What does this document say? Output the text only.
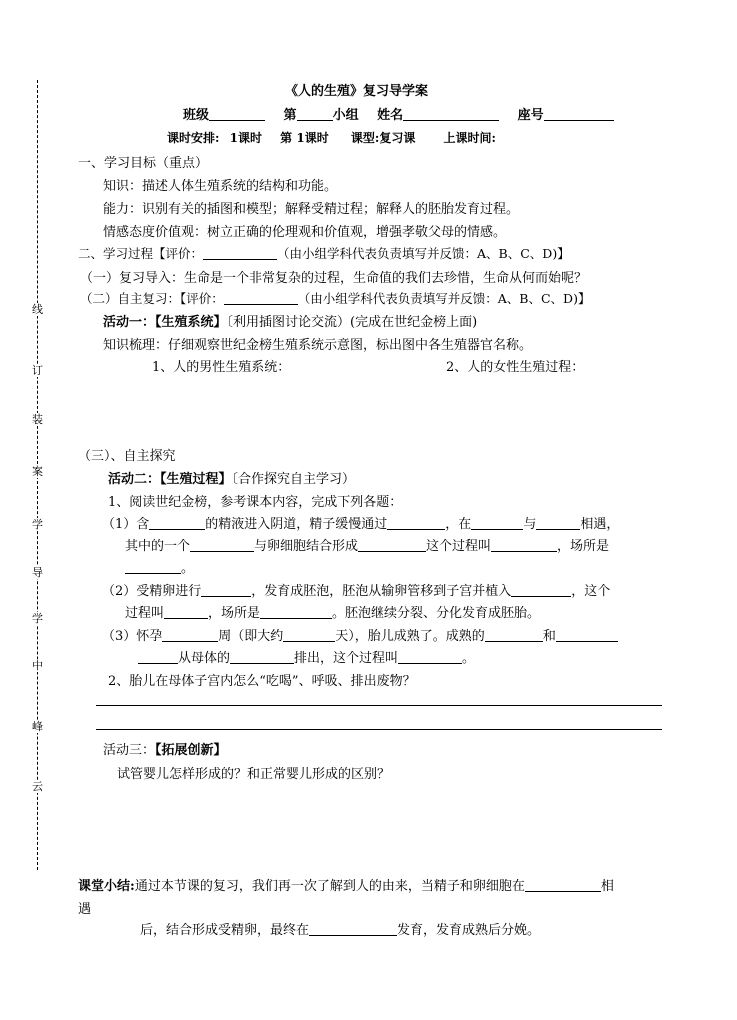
线
订
装
案
学
导
学
中
峰
云
《人的生殖》复习导学案
班级	第	小组 姓名	座号
课时安排: 1课时 第 1课时 课型:复习课 上课时间:
一、学习目标（重点）
知识：描述人体生殖系统的结构和功能。
能力：识别有关的插图和模型；解释受精过程；解释人的胚胎发育过程。
情感态度价值观：树立正确的伦理观和价值观，增强孝敬父母的情感。
二、学习过程【评价：	（由小组学科代表负责填写并反馈：A、B、C、D)】
（一）复习导入：生命是一个非常复杂的过程，生命值的我们去珍惜，生命从何而始呢？
（二）自主复习：【评价：	（由小组学科代表负责填写并反馈：A、B、C、D)】
活动一：【生殖系统】〔利用插图讨论交流）(完成在世纪金榜上面)
知识梳理：仔细观察世纪金榜生殖系统示意图，标出图中各生殖器官名称。
1、人的男性生殖系统：	2、人的女性生殖过程：
（三）、自主探究
活动二：【生殖过程】〔合作探究自主学习）
1、阅读世纪金榜，参考课本内容，完成下列各题：
（1）含	的精液进入阴道，精子缓慢通过	，在	与	相遇，
其中的一个	与卵细胞结合形成	这个过程叫	，场所是
。
（2）受精卵进行	，发育成胚泡，胚泡从输卵管移到子宫并植入	，这个
过程叫	，场所是	。胚泡继续分裂、分化发育成胚胎。
（3）怀孕	周（即大约	天），胎儿成熟了。成熟的	和
从母体的	排出，这个过程叫	。
2、胎儿在母体子宫内怎么“吃喝”、呼吸、排出废物？
活动三：【拓展创新】
试管婴儿怎样形成的？和正常婴儿形成的区别？
课堂小结:通过本节课的复习，我们再一次了解到人的由来，当精子和卵细胞在	相
遇
后，结合形成受精卵，最终在	发育，发育成熟后分娩。
